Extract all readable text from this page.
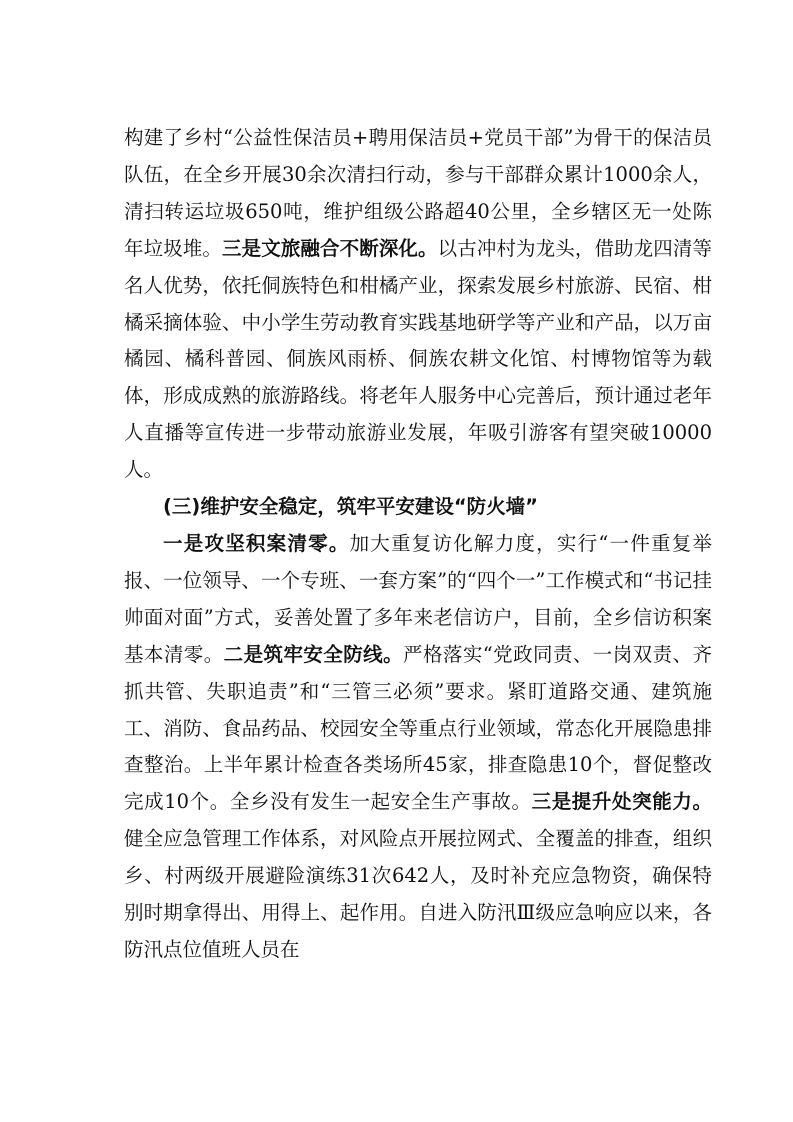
构建了乡村“公益性保洁员+聘用保洁员+党员干部”为骨干的保洁员队伍，在全乡开展30余次清扫行动，参与干部群众累计1000余人，清扫转运垃圾650吨，维护组级公路超40公里，全乡辖区无一处陈年垃圾堆。三是文旅融合不断深化。以古冲村为龙头，借助龙四清等名人优势，依托侗族特色和柑橘产业，探索发展乡村旅游、民宿、柑橘采摘体验、中小学生劳动教育实践基地研学等产业和产品，以万亩橘园、橘科普园、侗族风雨桥、侗族农耕文化馆、村博物馆等为载体，形成成熟的旅游路线。将老年人服务中心完善后，预计通过老年人直播等宣传进一步带动旅游业发展，年吸引游客有望突破10000人。

(三)维护安全稳定，筑牢平安建设“防火墙”

一是攻坚积案清零。加大重复访化解力度，实行“一件重复举报、一位领导、一个专班、一套方案”的“四个一”工作模式和“书记挂帅面对面”方式，妥善处置了多年来老信访户，目前，全乡信访积案基本清零。二是筑牢安全防线。严格落实“党政同责、一岗双责、齐抓共管、失职追责”和“三管三必须”要求。紧盯道路交通、建筑施工、消防、食品药品、校园安全等重点行业领域，常态化开展隐患排查整治。上半年累计检查各类场所45家，排查隐患10个，督促整改完成10个。全乡没有发生一起安全生产事故。三是提升处突能力。健全应急管理工作体系，对风险点开展拉网式、全覆盖的排查，组织乡、村两级开展避险演练31次642人，及时补充应急物资，确保特别时期拿得出、用得上、起作用。自进入防汛Ⅲ级应急响应以来，各防汛点位值班人员在
